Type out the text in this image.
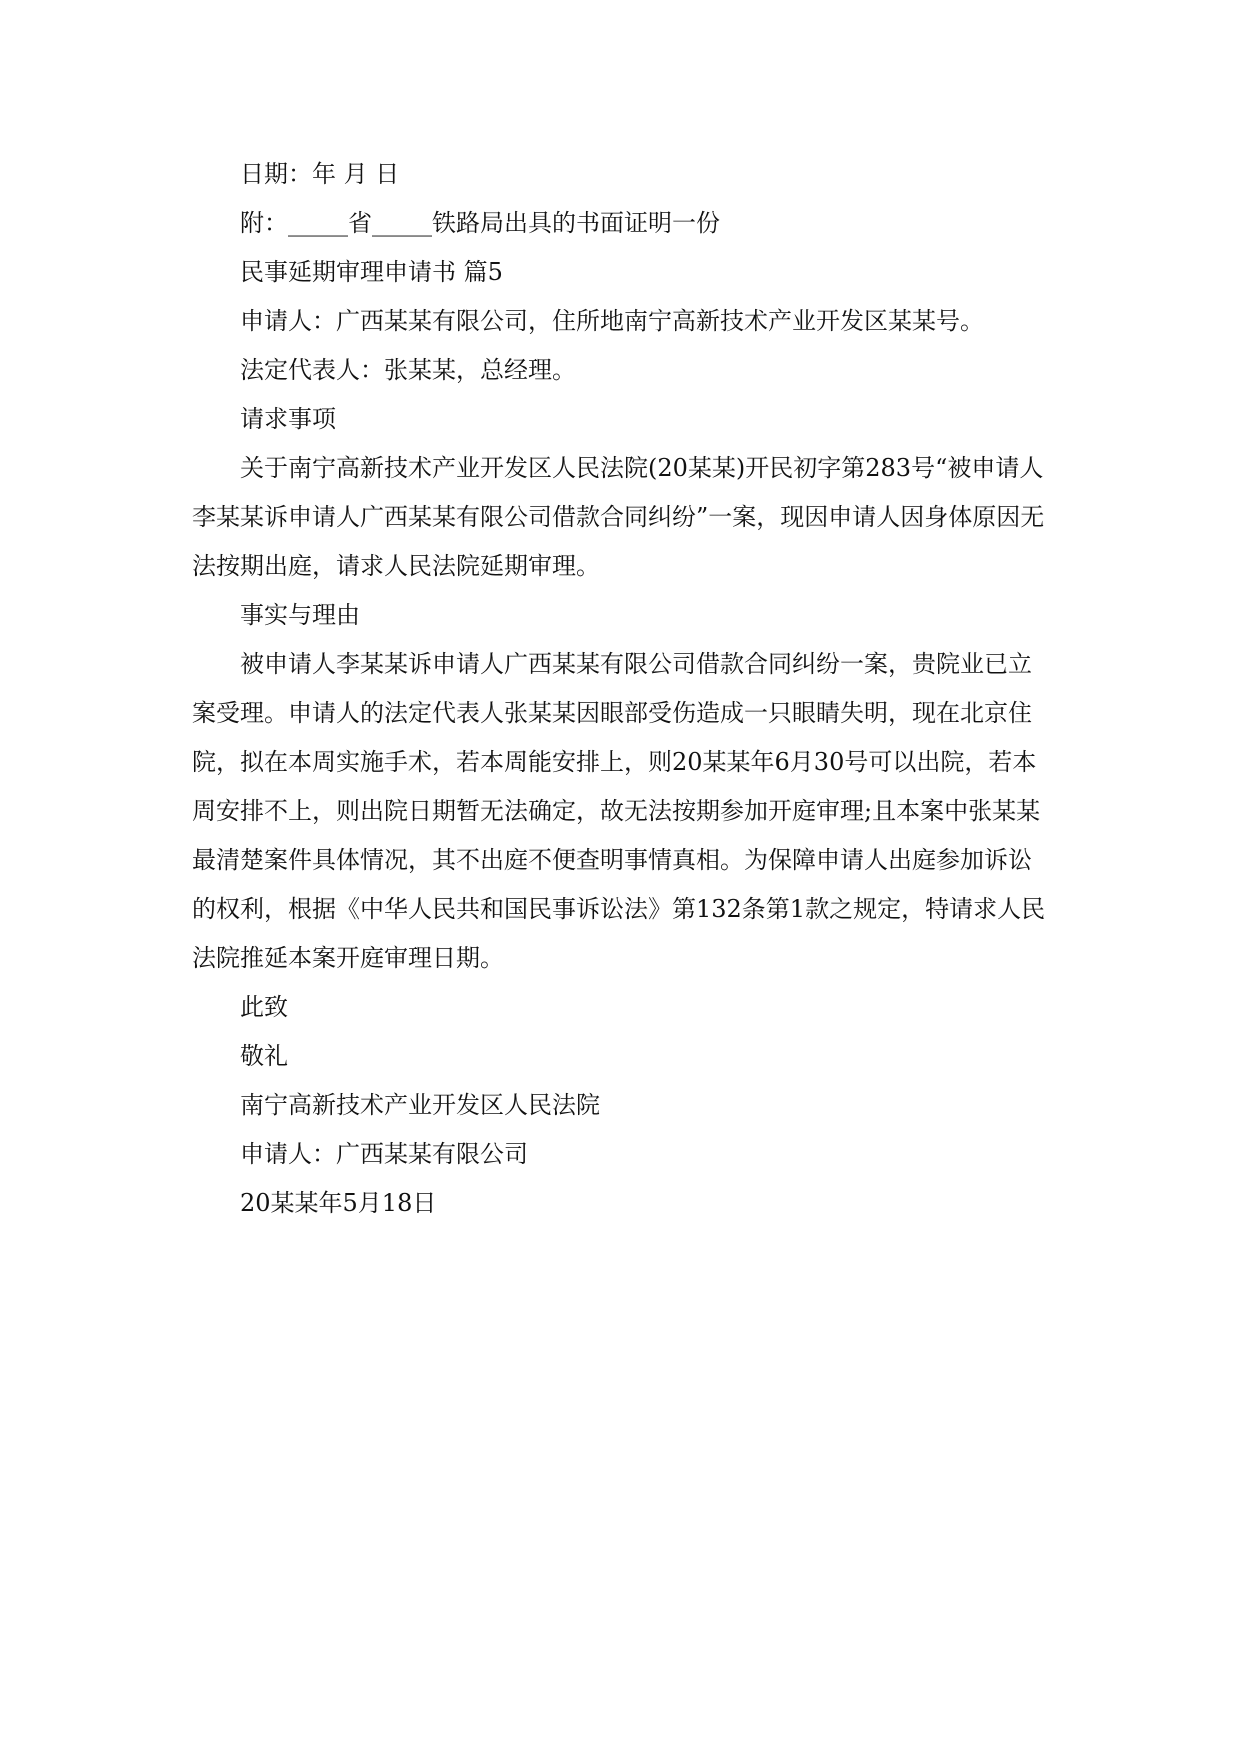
日期：年 月 日

附：_____省_____铁路局出具的书面证明一份

民事延期审理申请书 篇5

申请人：广西某某有限公司，住所地南宁高新技术产业开发区某某号。

法定代表人：张某某，总经理。

请求事项

关于南宁高新技术产业开发区人民法院(20某某)开民初字第283号“被申请人李某某诉申请人广西某某有限公司借款合同纠纷”一案，现因申请人因身体原因无法按期出庭，请求人民法院延期审理。

事实与理由

被申请人李某某诉申请人广西某某有限公司借款合同纠纷一案，贵院业已立案受理。申请人的法定代表人张某某因眼部受伤造成一只眼睛失明，现在北京住院，拟在本周实施手术，若本周能安排上，则20某某年6月30号可以出院，若本周安排不上，则出院日期暂无法确定，故无法按期参加开庭审理;且本案中张某某最清楚案件具体情况，其不出庭不便查明事情真相。为保障申请人出庭参加诉讼的权利，根据《中华人民共和国民事诉讼法》第132条第1款之规定，特请求人民法院推延本案开庭审理日期。

此致

敬礼

南宁高新技术产业开发区人民法院

申请人：广西某某有限公司

20某某年5月18日
